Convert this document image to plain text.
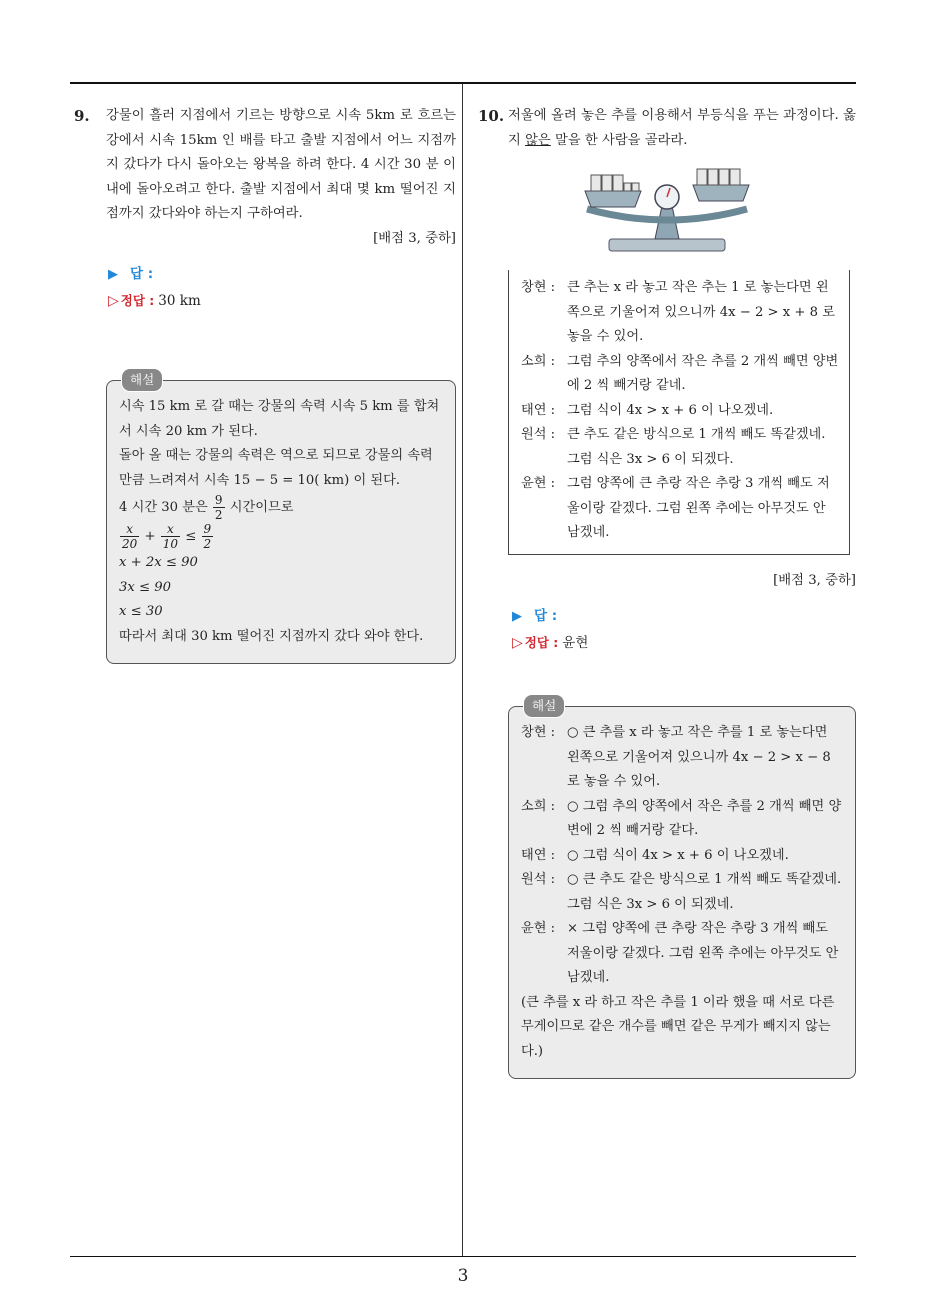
3
9.	강물이 흘러 지점에서 기르는 방향으로 시속 5km 로 흐르는 강에서 시속 15km 인 배를 타고 출발 지점에서 어느 지점까지 갔다가 다시 돌아오는 왕복을 하려 한다. 4 시간 30 분 이내에 돌아오려고 한다. 출발 지점에서 최대 몇 km 떨어진 지점까지 갔다와야 하는지 구하여라.
[배점 3, 중하]
▶ 답 :
▷ 정답 : 30 km
해설
시속 15 km 로 갈 때는 강물의 속력 시속 5 km 를 합쳐서 시속 20 km 가 된다.
돌아 올 때는 강물의 속력은 역으로 되므로 강물의 속력만큼 느려져서 시속 15 − 5 = 10( km) 이 된다.
4 시간 30 분은 $\frac{9}{2}$ 시간이므로
$\frac{x}{20} + \frac{x}{10} \le \frac{9}{2}$
x + 2x ≤ 90
3x ≤ 90
x ≤ 30
따라서 최대 30 km 떨어진 지점까지 갔다 와야 한다.
10. 저울에 올려 놓은 추를 이용해서 부등식을 푸는 과정이다. 옳지 않은 말을 한 사람을 골라라.
창현 : 큰 추는 x 라 놓고 작은 추는 1 로 놓는다면 왼쪽으로 기울어져 있으니까 4x − 2 > x + 8 로 놓을 수 있어.
소희 : 그럼 추의 양쪽에서 작은 추를 2 개씩 빼면 양변에 2 씩 빼거랑 같네.
태연 : 그럼 식이 4x > x + 6 이 나오겠네.
원석 : 큰 추도 같은 방식으로 1 개씩 빼도 똑같겠네. 그럼 식은 3x > 6 이 되겠다.
윤현 : 그럼 양쪽에 큰 추랑 작은 추랑 3 개씩 빼도 저울이랑 같겠다. 그럼 왼쪽 추에는 아무것도 안 남겠네.
[배점 3, 중하]
▶ 답 :
▷ 정답 : 윤현
해설
창현 : ○ 큰 추를 x 라 놓고 작은 추를 1 로 놓는다면 왼쪽으로 기울어져 있으니까 4x − 2 > x − 8 로 놓을 수 있어.
소희 : ○ 그럼 추의 양쪽에서 작은 추를 2 개씩 빼면 양변에 2 씩 빼거랑 같다.
태연 : ○ 그럼 식이 4x > x + 6 이 나오겠네.
원석 : ○ 큰 추도 같은 방식으로 1 개씩 빼도 똑같겠네. 그럼 식은 3x > 6 이 되겠네.
윤현 : × 그럼 양쪽에 큰 추랑 작은 추랑 3 개씩 빼도 저울이랑 같겠다. 그럼 왼쪽 추에는 아무것도 안 남겠네.
(큰 추를 x 라 하고 작은 추를 1 이라 했을 때 서로 다른 무게이므로 같은 개수를 빼면 같은 무게가 빼지지 않는다.)
